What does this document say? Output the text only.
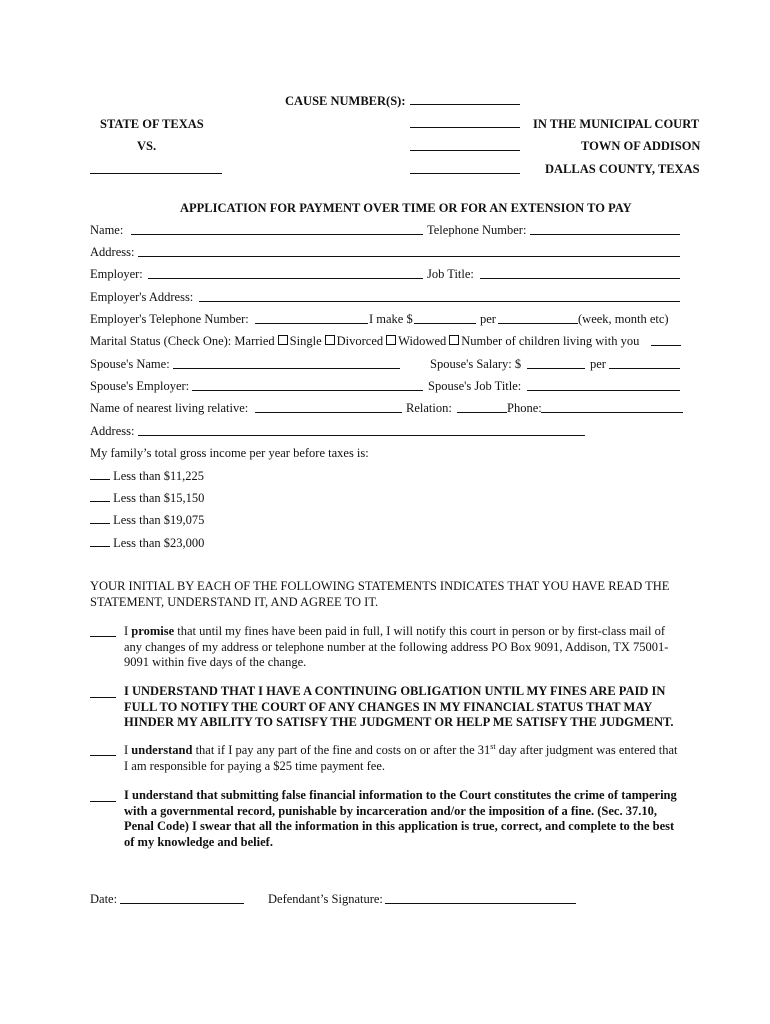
CAUSE NUMBER(S):
STATE OF TEXAS	IN THE MUNICIPAL COURT
VS.	TOWN OF ADDISON
DALLAS COUNTY, TEXAS
APPLICATION FOR PAYMENT OVER TIME OR FOR AN EXTENSION TO PAY
Name:	Telephone Number:
Address:
Employer:	Job Title:
Employer's Address:
Employer's Telephone Number:	I make $	per	(week, month etc)
Marital Status (Check One): Married Single Divorced Widowed Number of children living with you
Spouse's Name:	Spouse's Salary: $	per
Spouse's Employer:	Spouse's Job Title:
Name of nearest living relative:	Relation:	Phone:
Address:
My family’s total gross income per year before taxes is:
Less than $11,225
Less than $15,150
Less than $19,075
Less than $23,000
YOUR INITIAL BY EACH OF THE FOLLOWING STATEMENTS INDICATES THAT YOU HAVE READ THE STATEMENT, UNDERSTAND IT, AND AGREE TO IT.
I promise that until my fines have been paid in full, I will notify this court in person or by first-class mail of any changes of my address or telephone number at the following address PO Box 9091, Addison, TX 75001-9091 within five days of the change.
I UNDERSTAND THAT I HAVE A CONTINUING OBLIGATION UNTIL MY FINES ARE PAID IN FULL TO NOTIFY THE COURT OF ANY CHANGES IN MY FINANCIAL STATUS THAT MAY HINDER MY ABILITY TO SATISFY THE JUDGMENT OR HELP ME SATISFY THE JUDGMENT.
I understand that if I pay any part of the fine and costs on or after the 31st day after judgment was entered that I am responsible for paying a $25 time payment fee.
I understand that submitting false financial information to the Court constitutes the crime of tampering with a governmental record, punishable by incarceration and/or the imposition of a fine. (Sec. 37.10, Penal Code) I swear that all the information in this application is true, correct, and complete to the best of my knowledge and belief.
Date:	Defendant’s Signature:
